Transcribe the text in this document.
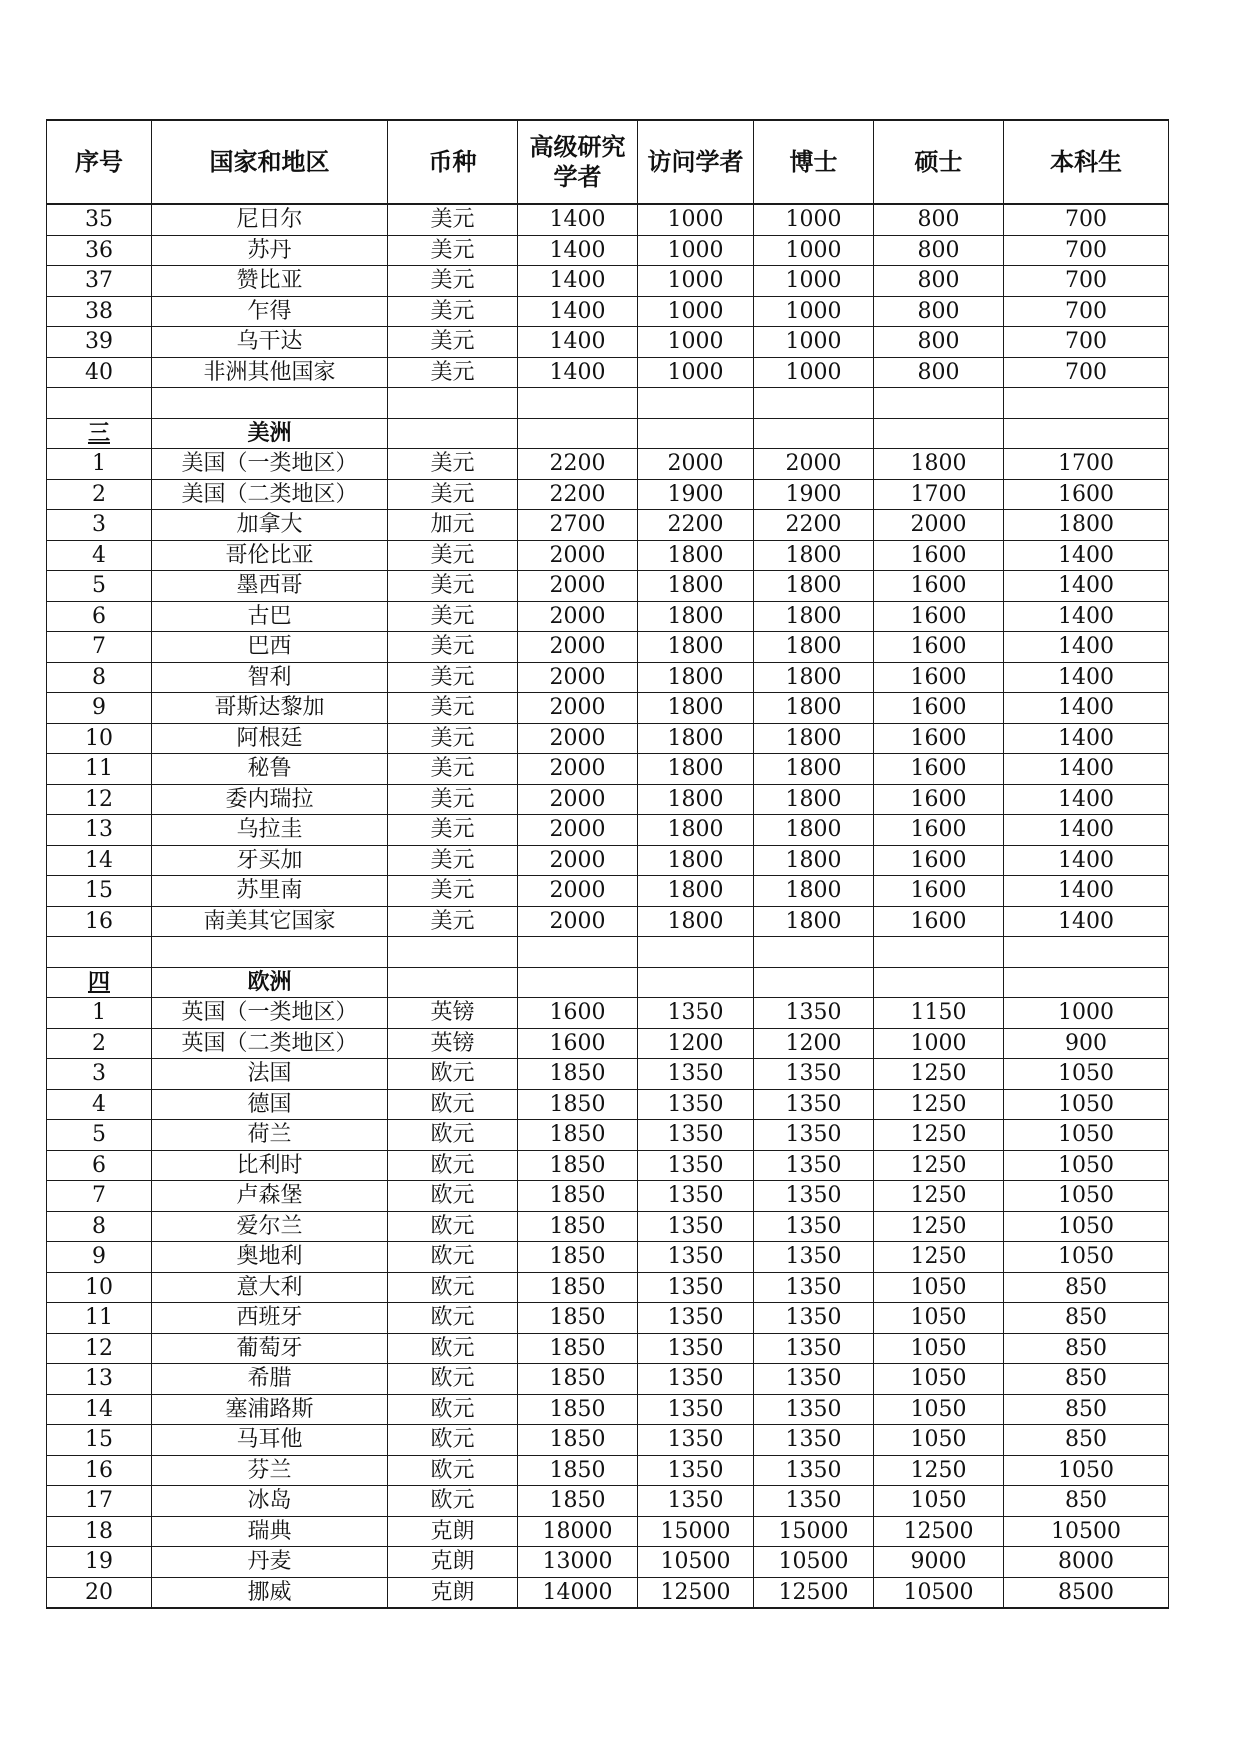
序号	国家和地区	币种	高级研究学者	访问学者	博士	硕士	本科生
35	尼日尔	美元	1400	1000	1000	800	700
36	苏丹	美元	1400	1000	1000	800	700
37	赞比亚	美元	1400	1000	1000	800	700
38	乍得	美元	1400	1000	1000	800	700
39	乌干达	美元	1400	1000	1000	800	700
40	非洲其他国家	美元	1400	1000	1000	800	700

三	美洲						
1	美国（一类地区）	美元	2200	2000	2000	1800	1700
2	美国（二类地区）	美元	2200	1900	1900	1700	1600
3	加拿大	加元	2700	2200	2200	2000	1800
4	哥伦比亚	美元	2000	1800	1800	1600	1400
5	墨西哥	美元	2000	1800	1800	1600	1400
6	古巴	美元	2000	1800	1800	1600	1400
7	巴西	美元	2000	1800	1800	1600	1400
8	智利	美元	2000	1800	1800	1600	1400
9	哥斯达黎加	美元	2000	1800	1800	1600	1400
10	阿根廷	美元	2000	1800	1800	1600	1400
11	秘鲁	美元	2000	1800	1800	1600	1400
12	委内瑞拉	美元	2000	1800	1800	1600	1400
13	乌拉圭	美元	2000	1800	1800	1600	1400
14	牙买加	美元	2000	1800	1800	1600	1400
15	苏里南	美元	2000	1800	1800	1600	1400
16	南美其它国家	美元	2000	1800	1800	1600	1400

四	欧洲						
1	英国（一类地区）	英镑	1600	1350	1350	1150	1000
2	英国（二类地区）	英镑	1600	1200	1200	1000	900
3	法国	欧元	1850	1350	1350	1250	1050
4	德国	欧元	1850	1350	1350	1250	1050
5	荷兰	欧元	1850	1350	1350	1250	1050
6	比利时	欧元	1850	1350	1350	1250	1050
7	卢森堡	欧元	1850	1350	1350	1250	1050
8	爱尔兰	欧元	1850	1350	1350	1250	1050
9	奥地利	欧元	1850	1350	1350	1250	1050
10	意大利	欧元	1850	1350	1350	1050	850
11	西班牙	欧元	1850	1350	1350	1050	850
12	葡萄牙	欧元	1850	1350	1350	1050	850
13	希腊	欧元	1850	1350	1350	1050	850
14	塞浦路斯	欧元	1850	1350	1350	1050	850
15	马耳他	欧元	1850	1350	1350	1050	850
16	芬兰	欧元	1850	1350	1350	1250	1050
17	冰岛	欧元	1850	1350	1350	1050	850
18	瑞典	克朗	18000	15000	15000	12500	10500
19	丹麦	克朗	13000	10500	10500	9000	8000
20	挪威	克朗	14000	12500	12500	10500	8500
